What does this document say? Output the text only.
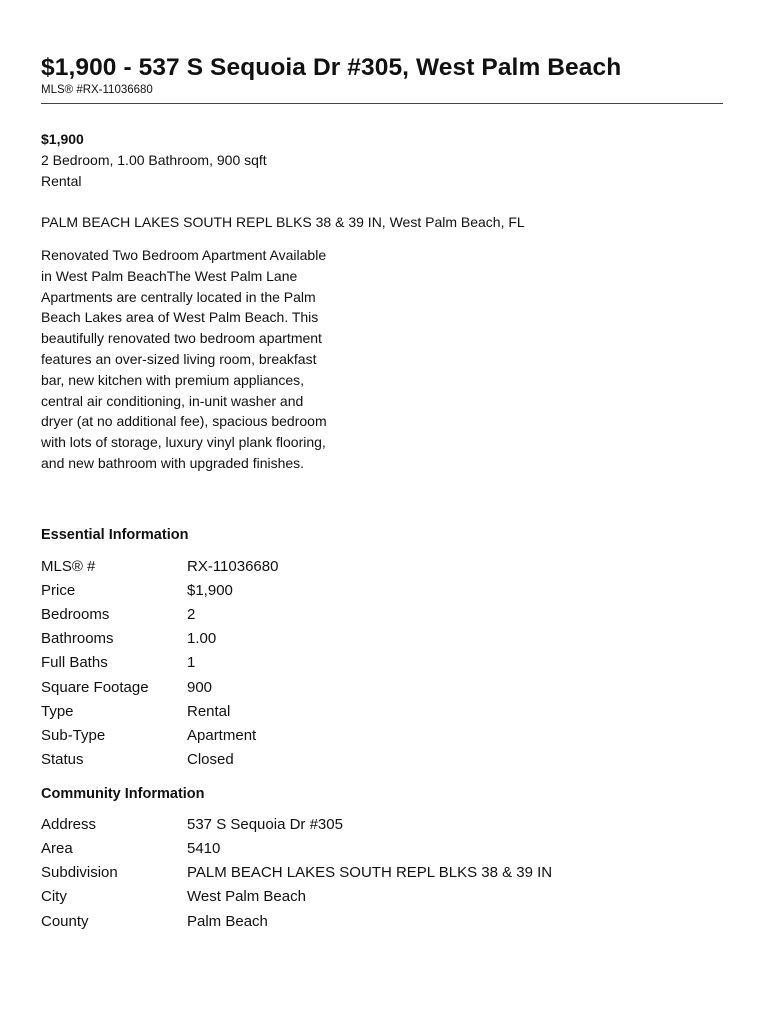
$1,900 - 537 S Sequoia Dr #305, West Palm Beach
MLS® #RX-11036680
$1,900
2 Bedroom, 1.00 Bathroom, 900 sqft
Rental
PALM BEACH LAKES SOUTH REPL BLKS 38 & 39 IN, West Palm Beach, FL
Renovated Two Bedroom Apartment Available
in West Palm BeachThe West Palm Lane
Apartments are centrally located in the Palm
Beach Lakes area of West Palm Beach. This
beautifully renovated two bedroom apartment
features an over-sized living room, breakfast
bar, new kitchen with premium appliances,
central air conditioning, in-unit washer and
dryer (at no additional fee), spacious bedroom
with lots of storage, luxury vinyl plank flooring,
and new bathroom with upgraded finishes.
Essential Information
MLS® #	RX-11036680
Price	$1,900
Bedrooms	2
Bathrooms	1.00
Full Baths	1
Square Footage	900
Type	Rental
Sub-Type	Apartment
Status	Closed
Community Information
Address	537 S Sequoia Dr #305
Area	5410
Subdivision	PALM BEACH LAKES SOUTH REPL BLKS 38 & 39 IN
City	West Palm Beach
County	Palm Beach
